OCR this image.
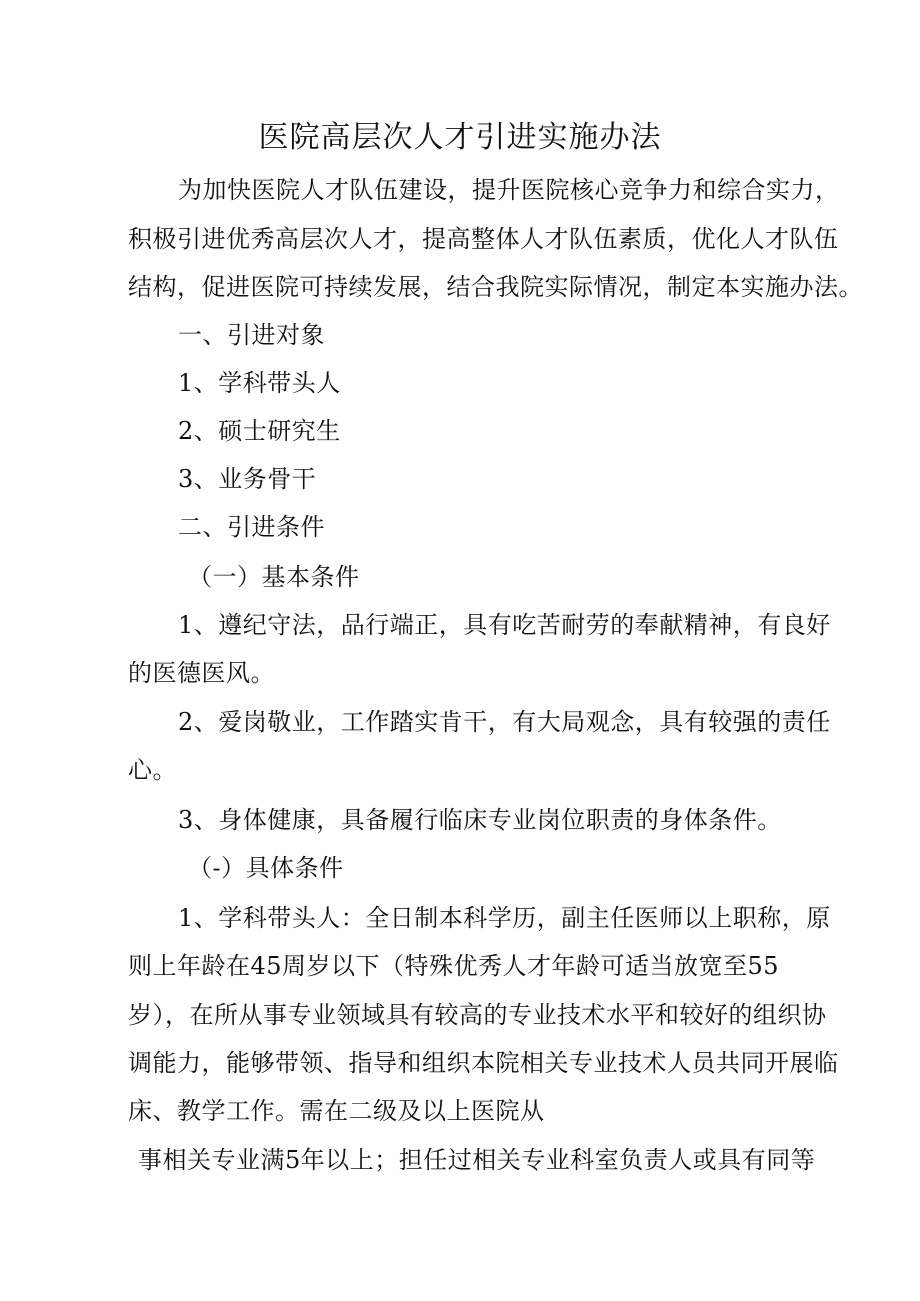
医院高层次人才引进实施办法
为加快医院人才队伍建设，提升医院核心竞争力和综合实力，
积极引进优秀高层次人才，提高整体人才队伍素质，优化人才队伍
结构，促进医院可持续发展，结合我院实际情况，制定本实施办法。
一、引进对象
1、学科带头人
2、硕士研究生
3、业务骨干
二、引进条件
（一）基本条件
1、遵纪守法，品行端正，具有吃苦耐劳的奉献精神，有良好
的医德医风。
2、爱岗敬业，工作踏实肯干，有大局观念，具有较强的责任
心。
3、身体健康，具备履行临床专业岗位职责的身体条件。
（-）具体条件
1、学科带头人：全日制本科学历，副主任医师以上职称，原
则上年龄在45周岁以下（特殊优秀人才年龄可适当放宽至55
岁），在所从事专业领域具有较高的专业技术水平和较好的组织协
调能力，能够带领、指导和组织本院相关专业技术人员共同开展临
床、教学工作。需在二级及以上医院从
事相关专业满5年以上；担任过相关专业科室负责人或具有同等
